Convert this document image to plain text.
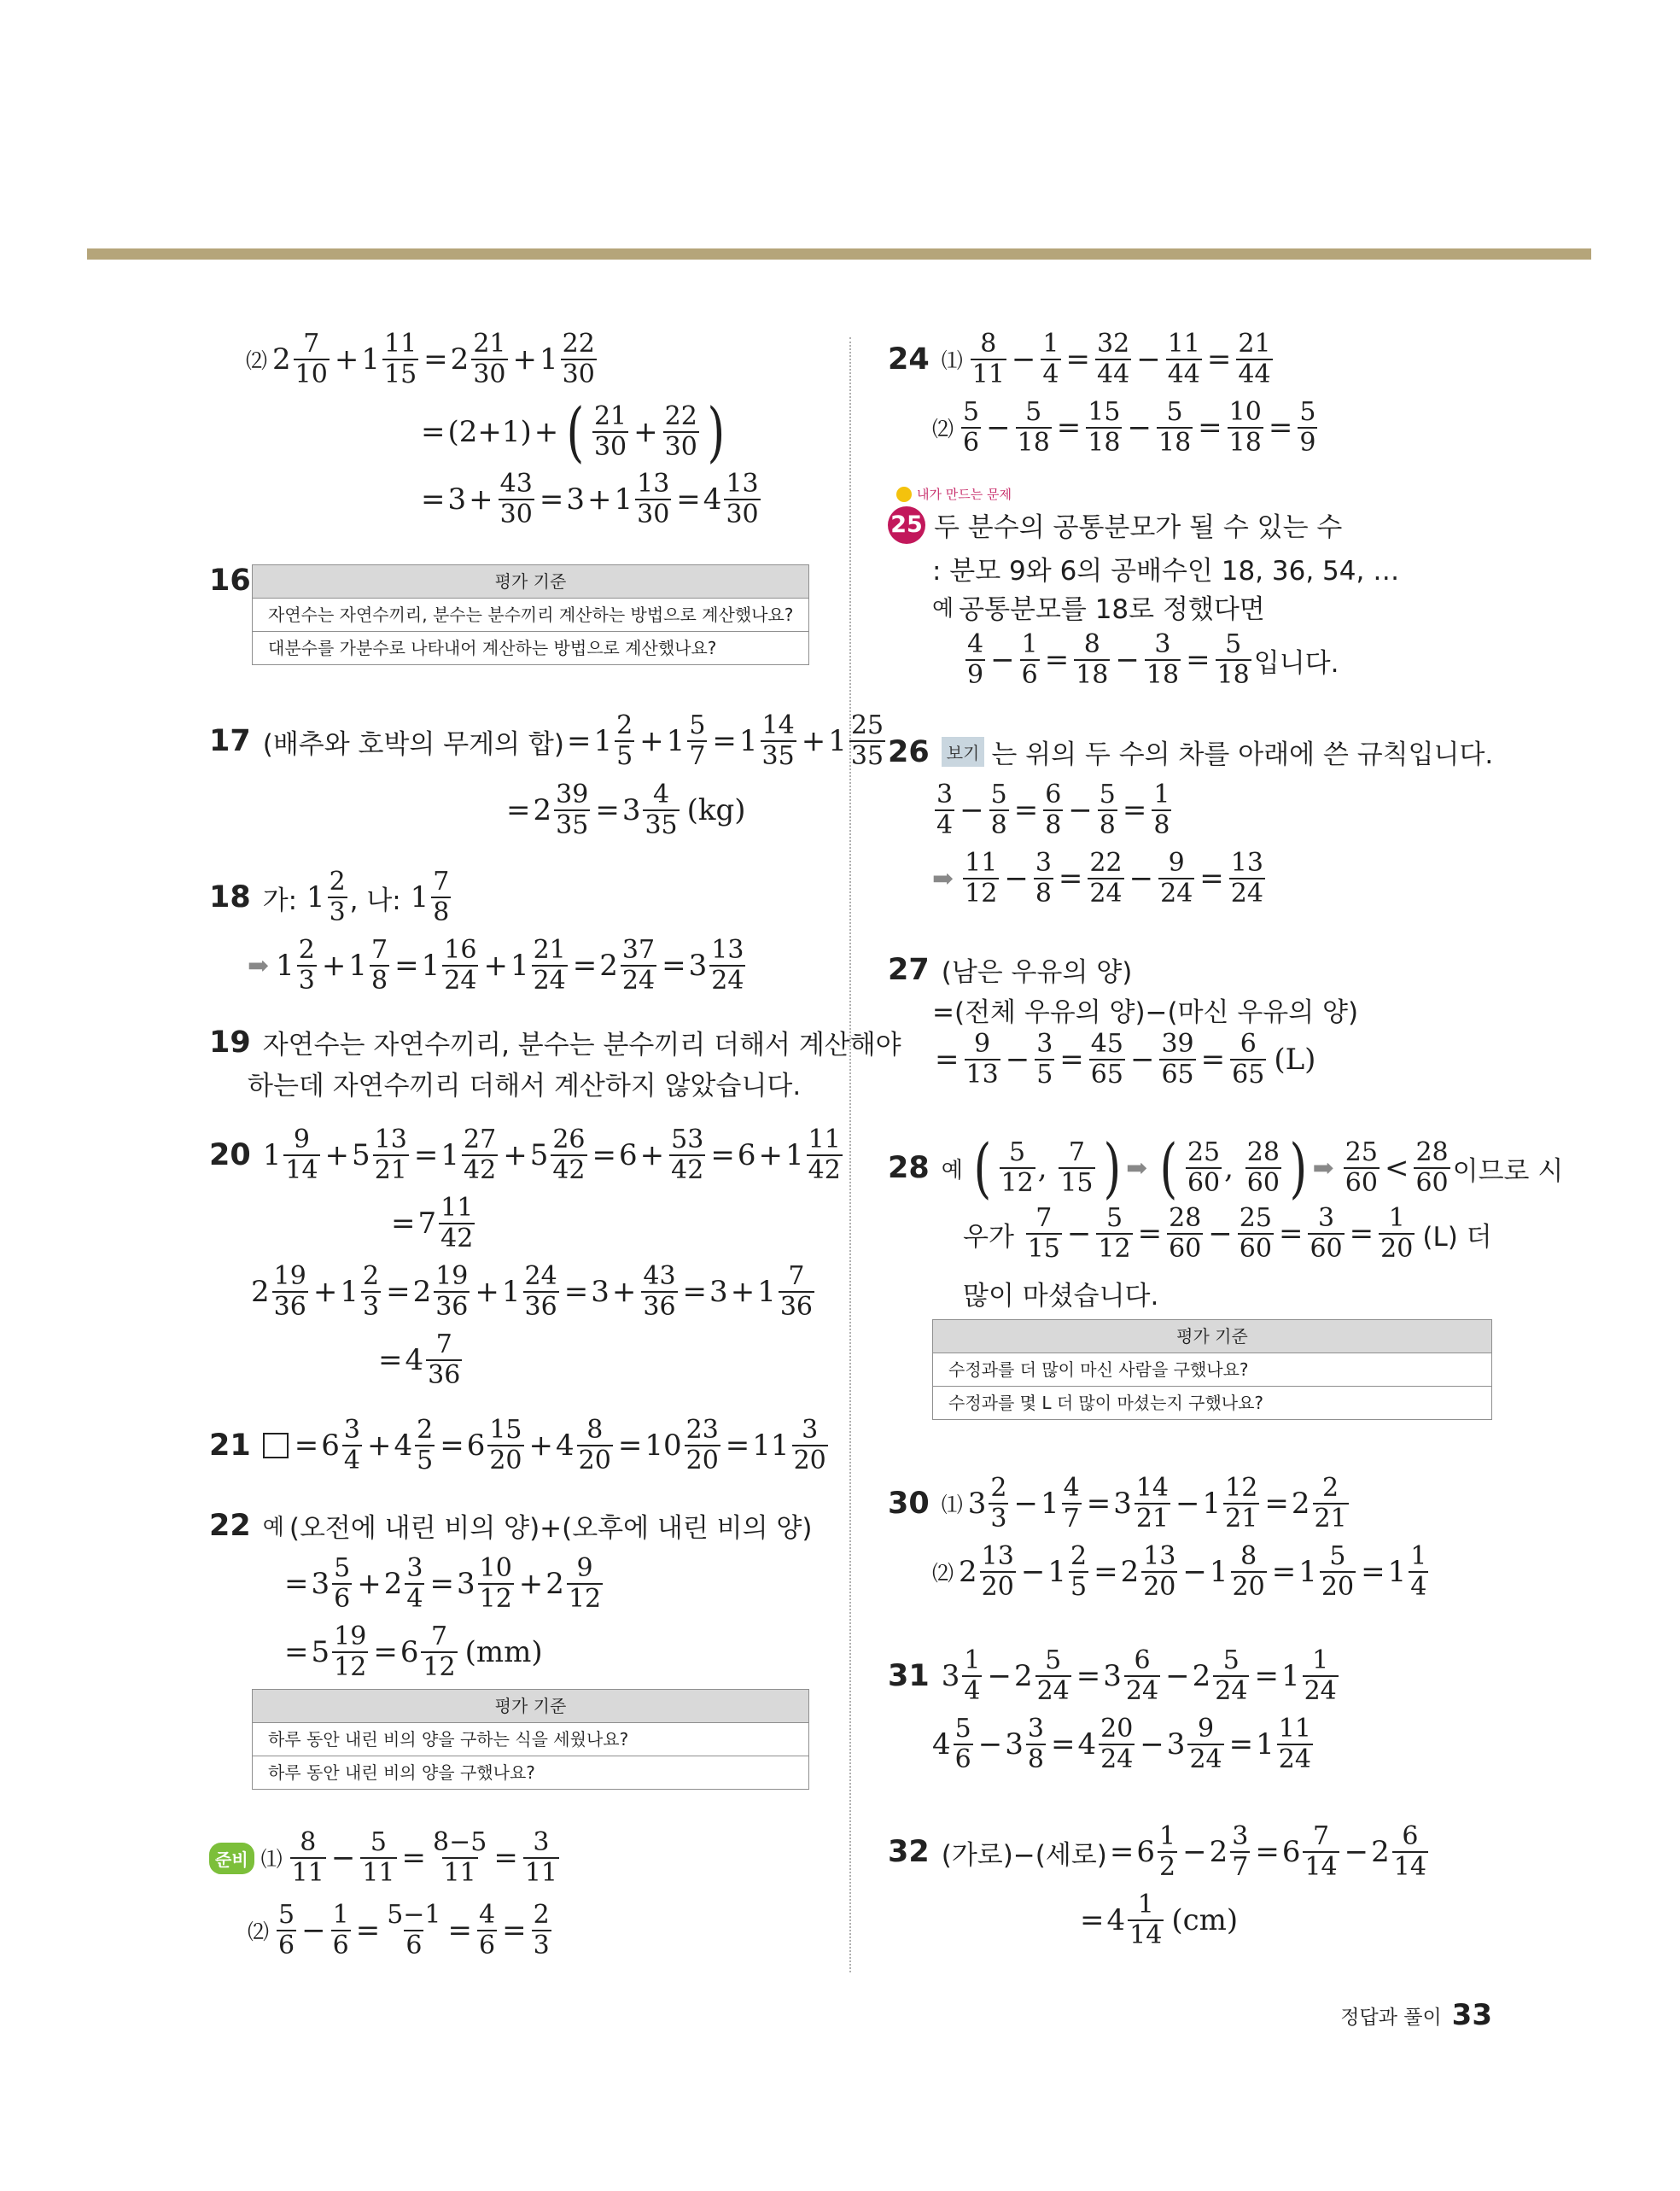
⑵ 2 7
$10 + 1 \frac{11}{15} = 2 \frac{21}{30} + 1 \frac{22}{30}$
= (2+1) + ( 21
$30 + \frac{22}{30}$ )
= $3 + \frac{43}{30} = 3 + 1 \frac{13}{30} = 4 \frac{13}{30}$
16	평가 기준
자연수는 자연수끼리, 분수는 분수끼리 계산하는 방법으로 계산했나요?
대분수를 가분수로 나타내어 계산하는 방법으로 계산했나요?
17 (배추와 호박의 무게의 합) = $1 \frac{2}{5} + 1 \frac{5}{7} = 1 \frac{14}{35} + 1 \frac{25}{35}$
= $2 \frac{39}{35} = 3 \frac{4}{35} (kg)$
18 가: 1 2
3 , 나: 1 7
8
➡ 1 2
$3 + 1 \frac{7}{8} = 1 \frac{16}{24} + 1 \frac{21}{24} = 2 \frac{37}{24} = 3 \frac{13}{24}$
19 자연수는 자연수끼리, 분수는 분수끼리 더해서 계산해야
하는데 자연수끼리 더해서 계산하지 않았습니다.
20 1 9
$14 + 5 \frac{13}{21} = 1 \frac{27}{42} + 5 \frac{26}{42} = 6 + \frac{53}{42} = 6 + 1 \frac{11}{42}$
= $7 \frac{11}{42}$
2 19
$36 + 1 \frac{2}{3} = 2 \frac{19}{36} + 1 \frac{24}{36} = 3 + \frac{43}{36} = 3 + 1 \frac{7}{36}$
= $4 \frac{7}{36}$
$21 = 6 \frac{3}{4} + 4 \frac{2}{5} = 6 \frac{15}{20} + 4 \frac{8}{20} = 10 \frac{23}{20} = 11 \frac{3}{20}$
22 예 (오전에 내린 비의 양)+(오후에 내린 비의 양)
= $3 \frac{5}{6} + 2 \frac{3}{4} = 3 \frac{10}{12} + 2 \frac{9}{12}$
= $5 \frac{19}{12} = 6 \frac{7}{12} (mm)$
평가 기준
하루 동안 내린 비의 양을 구하는 식을 세웠나요?
하루 동안 내린 비의 양을 구했나요?
준비 ⑴
8
$11 - \frac{5}{11} = \frac{8-5}{11} = \frac{3}{11}$
⑵
5
$6 - \frac{1}{6} = \frac{5-1}{6} = \frac{4}{6} = \frac{2}{3}$
24 ⑴
8
$11 - \frac{1}{4} = \frac{32}{44} - \frac{11}{44} = \frac{21}{44}$
⑵
5
$6 - \frac{5}{18} = \frac{15}{18} - \frac{5}{18} = \frac{10}{18} = \frac{5}{9}$
내가 만드는 문제
25 두 분수의 공통분모가 될 수 있는 수
: 분모 9와 6의 공배수인 18, 36, 54, …
예 공통분모를 18로 정했다면
4
$9 - \frac{1}{6} = \frac{8}{18} - \frac{3}{18} = \frac{5}{18}$ 입니다.
26	보기 는 위의 두 수의 차를 아래에 쓴 규칙입니다.
3
$4 - \frac{5}{8} = \frac{6}{8} - \frac{5}{8} = \frac{1}{8}$
➡
11
$12 - \frac{3}{8} = \frac{22}{24} - \frac{9}{24} = \frac{13}{24}$
27 (남은 우유의 양)
=(전체 우유의 양)−(마신 우유의 양)
= $\frac{9}{13} - \frac{3}{5} = \frac{45}{65} - \frac{39}{65} = \frac{6}{65} (L)$
28 예 ( 5
12 , 7
15 ) ➡ ( 25
60 , 28
60 ) ➡
25
60 < 28
60 이므로 시
우가

7
$15 - \frac{5}{12} = \frac{28}{60} - \frac{25}{60} = \frac{3}{60} = \frac{1}{20} (L)$ 더
많이 마셨습니다.
평가 기준
수정과를 더 많이 마신 사람을 구했나요?
수정과를 몇 L 더 많이 마셨는지 구했나요?
30 ⑴ 3 2
$3 - 1 \frac{4}{7} = 3 \frac{14}{21} - 1 \frac{12}{21} = 2 \frac{2}{21}$
⑵ 2 13
$20 - 1 \frac{2}{5} = 2 \frac{13}{20} - 1 \frac{8}{20} = 1 \frac{5}{20} = 1 \frac{1}{4}$
31 3 1
$4 - 2 \frac{5}{24} = 3 \frac{6}{24} - 2 \frac{5}{24} = 1 \frac{1}{24}$
4 5
$6 - 3 \frac{3}{8} = 4 \frac{20}{24} - 3 \frac{9}{24} = 1 \frac{11}{24}$
32 (가로)−(세로) = $6 \frac{1}{2} - 2 \frac{3}{7} = 6 \frac{7}{14} - 2 \frac{6}{14}$
= $4 \frac{1}{14} (cm)$
정답과 풀이 33
